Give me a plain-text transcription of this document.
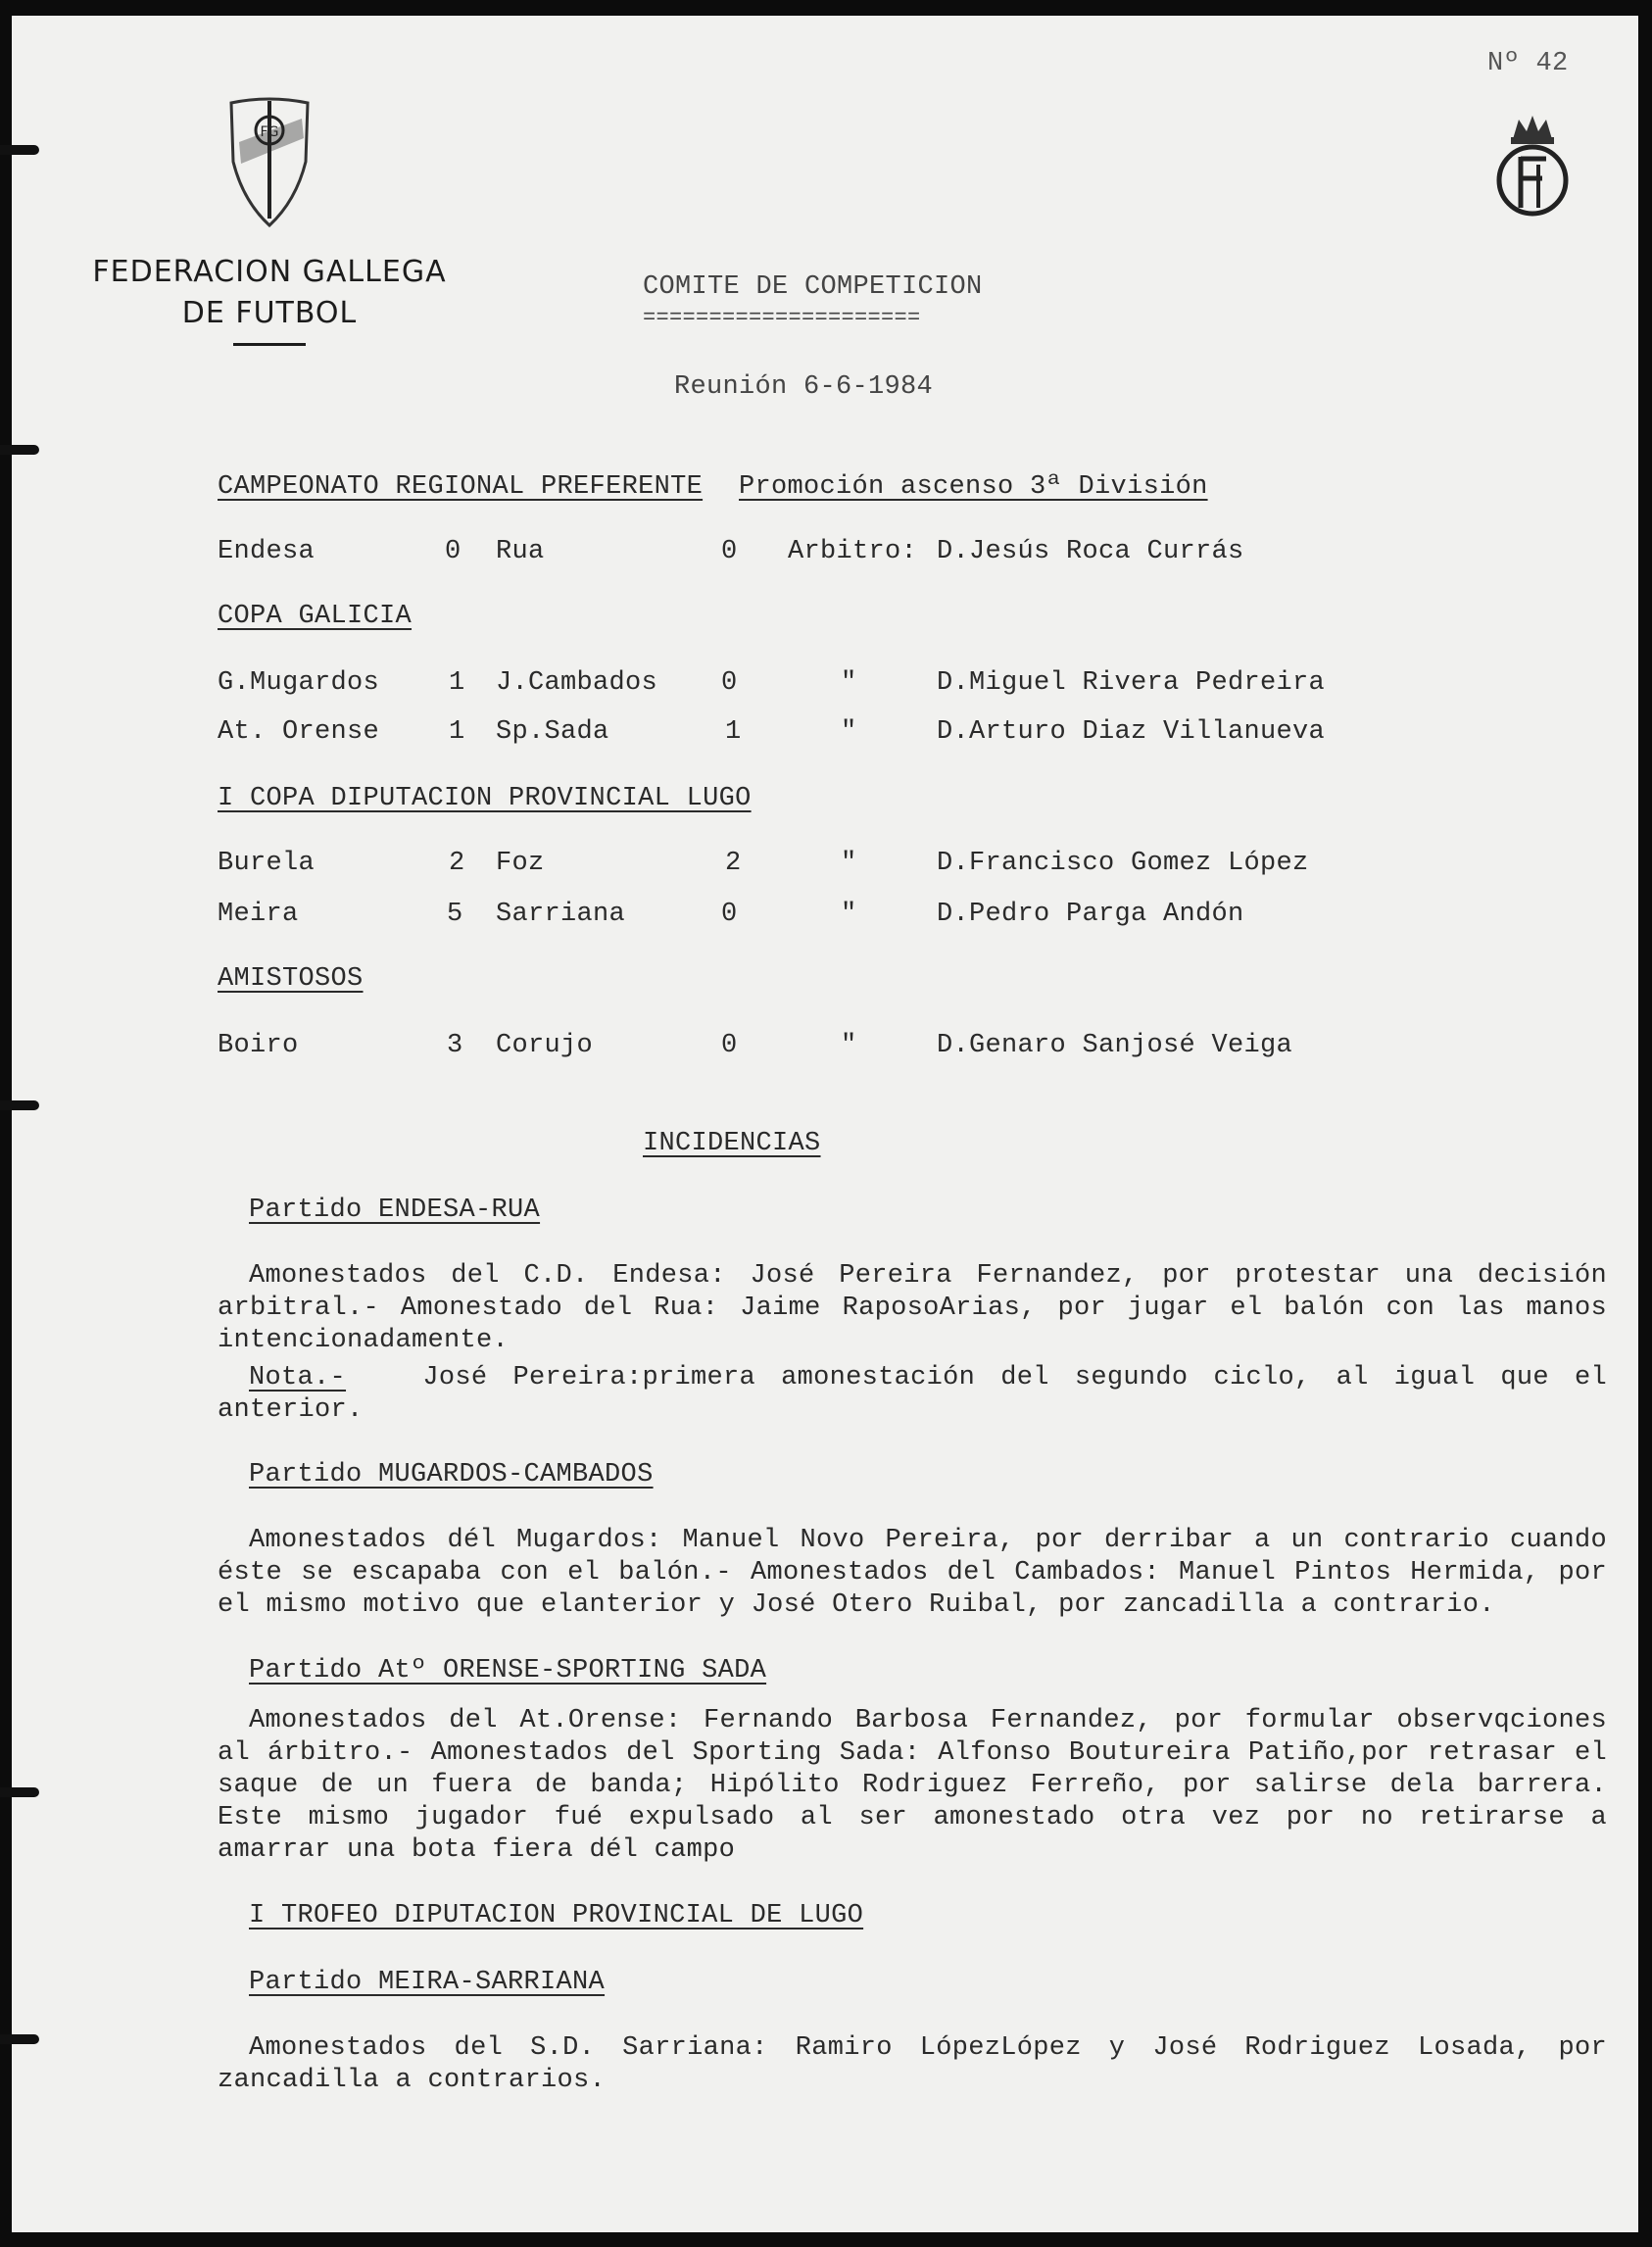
Nº 42
FG
FEDERACION GALLEGA
DE FUTBOL
COMITE DE COMPETICION
=====================
Reunión 6-6-1984
CAMPEONATO REGIONAL PREFERENTE Promoción ascenso 3ª División
Endesa	0 Rua	0 Arbitro: D.Jesús Roca Currás
COPA GALICIA
G.Mugardos	1 J.Cambados 0	"	D.Miguel Rivera Pedreira
At. Orense	1 Sp.Sada	1	"	D.Arturo Diaz Villanueva
I COPA DIPUTACION PROVINCIAL LUGO
Burela	2 Foz	2	"	D.Francisco Gomez López
Meira	5 Sarriana	0	"	D.Pedro Parga Andón
AMISTOSOS
Boiro	3 Corujo	0	"	D.Genaro Sanjosé Veiga
INCIDENCIAS
Partido ENDESA-RUA
Amonestados del C.D. Endesa: José Pereira Fernandez, por protestar una decisión arbitral.- Amonestado del Rua: Jaime RaposoArias, por jugar el balón con las manos intencionadamente.
Nota.-	José Pereira:primera amonestación del segundo ciclo, al igual que el anterior.
Partido MUGARDOS-CAMBADOS
Amonestados dél Mugardos: Manuel Novo Pereira, por derribar a un contrario cuando éste se escapaba con el balón.- Amonestados del Cambados: Manuel Pintos Hermida, por el mismo motivo que elanterior y José Otero Ruibal, por zancadilla a contrario.
Partido Atº ORENSE-SPORTING SADA
Amonestados del At.Orense: Fernando Barbosa Fernandez, por formular observqciones al árbitro.- Amonestados del Sporting Sada: Alfonso Boutureira Patiño,por retrasar el saque de un fuera de banda; Hipólito Rodriguez Ferreño, por salirse dela barrera. Este mismo jugador fué expulsado al ser amonestado otra vez por no retirarse a amarrar una bota fiera dél campo
I TROFEO DIPUTACION PROVINCIAL DE LUGO
Partido MEIRA-SARRIANA
Amonestados del S.D. Sarriana: Ramiro LópezLópez y José Rodriguez Losada, por zancadilla a contrarios.
